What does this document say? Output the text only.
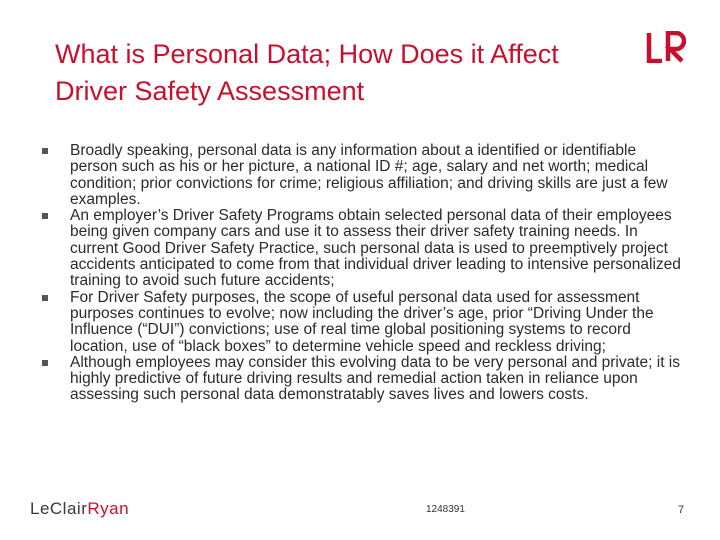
What is Personal Data; How Does it Affect Driver Safety Assessment
Broadly speaking, personal data is any information about a identified or identifiable person such as his or her picture, a national ID #; age, salary and net worth; medical condition; prior convictions for crime; religious affiliation; and driving skills are just a few examples.
An employer’s Driver Safety Programs obtain selected personal data of their employees being given company cars and use it to assess their driver safety training needs. In current Good Driver Safety Practice, such personal data is used to preemptively project accidents anticipated to come from that individual driver leading to intensive personalized training to avoid such future accidents;
For Driver Safety purposes, the scope of useful personal data used for assessment purposes continues to evolve; now including the driver’s age, prior “Driving Under the Influence (“DUI”) convictions; use of real time global positioning systems to record location, use of “black boxes” to determine vehicle speed and reckless driving;
Although employees may consider this evolving data to be very personal and private; it is highly predictive of future driving results and remedial action taken in reliance upon assessing such personal data demonstratably saves lives and lowers costs.
LeClairRyan	1248391	7
